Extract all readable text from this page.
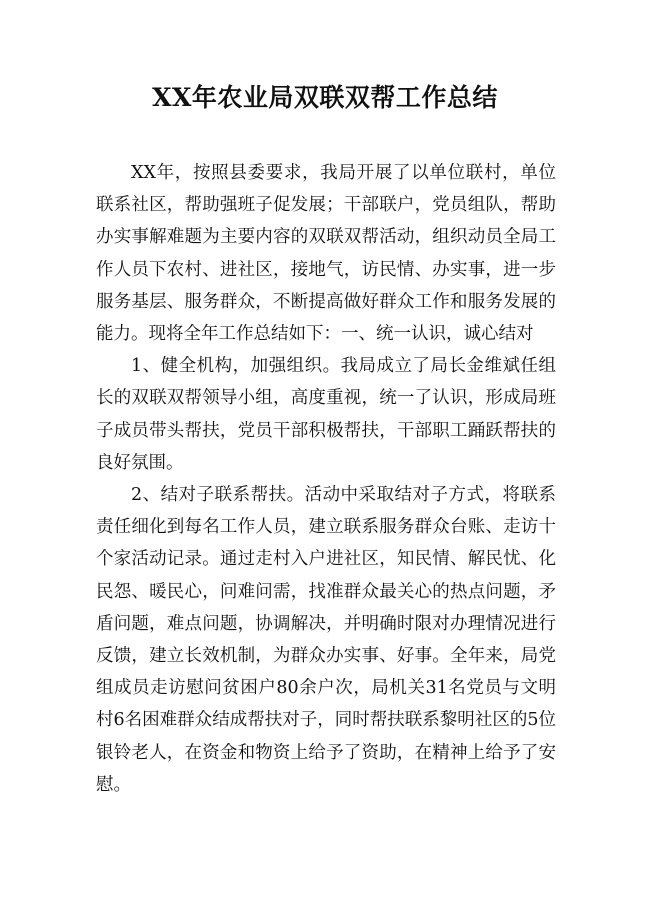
XX年农业局双联双帮工作总结

XX年，按照县委要求，我局开展了以单位联村，单位联系社区，帮助强班子促发展；干部联户，党员组队，帮助办实事解难题为主要内容的双联双帮活动，组织动员全局工作人员下农村、进社区，接地气，访民情、办实事，进一步服务基层、服务群众，不断提高做好群众工作和服务发展的能力。现将全年工作总结如下：一、统一认识，诚心结对

1、健全机构，加强组织。我局成立了局长金维斌任组长的双联双帮领导小组，高度重视，统一了认识，形成局班子成员带头帮扶，党员干部积极帮扶，干部职工踊跃帮扶的良好氛围。

2、结对子联系帮扶。活动中采取结对子方式，将联系责任细化到每名工作人员，建立联系服务群众台账、走访十个家活动记录。通过走村入户进社区，知民情、解民忧、化民怨、暖民心，问难问需，找准群众最关心的热点问题，矛盾问题，难点问题，协调解决，并明确时限对办理情况进行反馈，建立长效机制，为群众办实事、好事。全年来，局党组成员走访慰问贫困户80余户次，局机关31名党员与文明村6名困难群众结成帮扶对子，同时帮扶联系黎明社区的5位银铃老人，在资金和物资上给予了资助，在精神上给予了安慰。
